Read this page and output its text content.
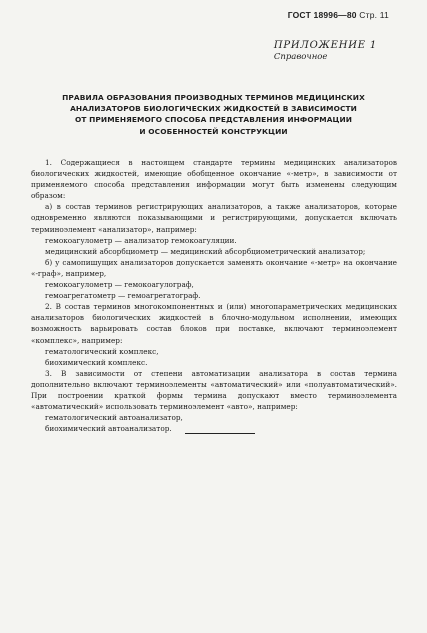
ГОСТ 18996—80 Стр. 11
ПРИЛОЖЕНИЕ 1
Справочное
ПРАВИЛА ОБРАЗОВАНИЯ ПРОИЗВОДНЫХ ТЕРМИНОВ МЕДИЦИНСКИХ
АНАЛИЗАТОРОВ БИОЛОГИЧЕСКИХ ЖИДКОСТЕЙ В ЗАВИСИМОСТИ
ОТ ПРИМЕНЯЕМОГО СПОСОБА ПРЕДСТАВЛЕНИЯ ИНФОРМАЦИИ
И ОСОБЕННОСТЕЙ КОНСТРУКЦИИ

1. Содержащиеся в настоящем стандарте термины медицинских анализаторов биологических жидкостей, имеющие обобщенное окончание «-метр», в зависимости от применяемого способа представления информации могут быть изменены следующим образом:

а) в состав терминов регистрирующих анализаторов, а также анализаторов, которые одновременно являются показывающими и регистрирующими, допускается включать терминоэлемент «анализатор», например:

гемокоагулометр — анализатор гемокоагуляции.

медицинский абсорбциометр — медицинский абсорбциометрический анализатор;

б) у самопишущих анализаторов допускается заменять окончание «-метр» на окончание «-граф», например,

гемокоагулометр — гемокоагулограф,

гемоагрегатометр — гемоагрегатограф.

2. В состав терминов многокомпонентных и (или) многопараметрических медицинских анализаторов биологических жидкостей в блочно-модульном исполнении, имеющих возможность варьировать состав блоков при поставке, включают терминоэлемент «комплекс», например:

гематологический комплекс,

биохимический комплекс.

3. В зависимости от степени автоматизации анализатора в состав термина дополнительно включают терминоэлементы «автоматический» или «полуавтоматический». При построении краткой формы термина допускают вместо терминоэлемента «автоматический» использовать терминоэлемент «авто», например:

гематологический автоанализатор,

биохимический автоанализатор.
